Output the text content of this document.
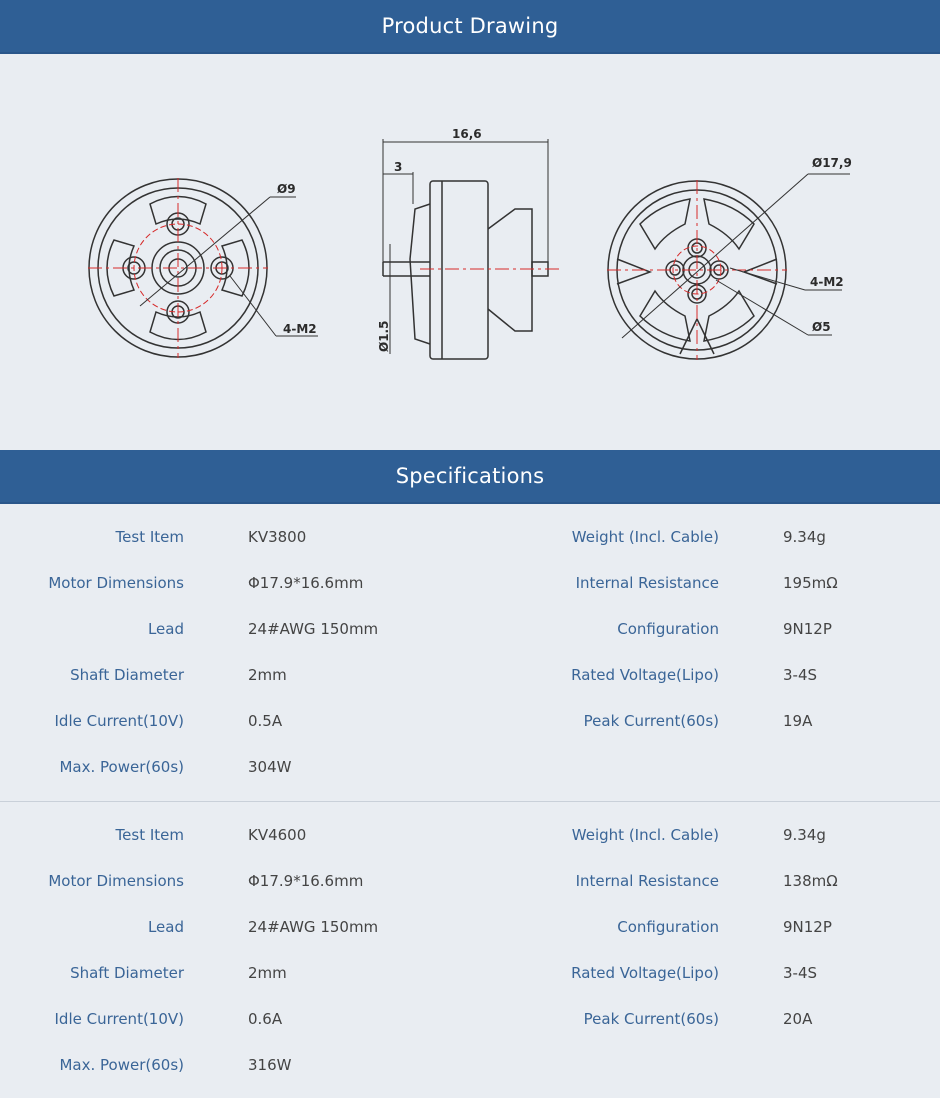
Product Drawing
Ø9
4-M2
16,6
3
Ø1.5
Ø17,9
4-M2
Ø5
Specifications
Test Item	KV3800	Weight (Incl. Cable)	9.34g
Motor Dimensions	Φ17.9*16.6mm	Internal Resistance	195mΩ
Lead	24#AWG 150mm	Configuration	9N12P
Shaft Diameter	2mm	Rated Voltage(Lipo)	3-4S
Idle Current(10V)	0.5A	Peak Current(60s)	19A
Max. Power(60s)	304W
Test Item	KV4600	Weight (Incl. Cable)	9.34g
Motor Dimensions	Φ17.9*16.6mm	Internal Resistance	138mΩ
Lead	24#AWG 150mm	Configuration	9N12P
Shaft Diameter	2mm	Rated Voltage(Lipo)	3-4S
Idle Current(10V)	0.6A	Peak Current(60s)	20A
Max. Power(60s)	316W
